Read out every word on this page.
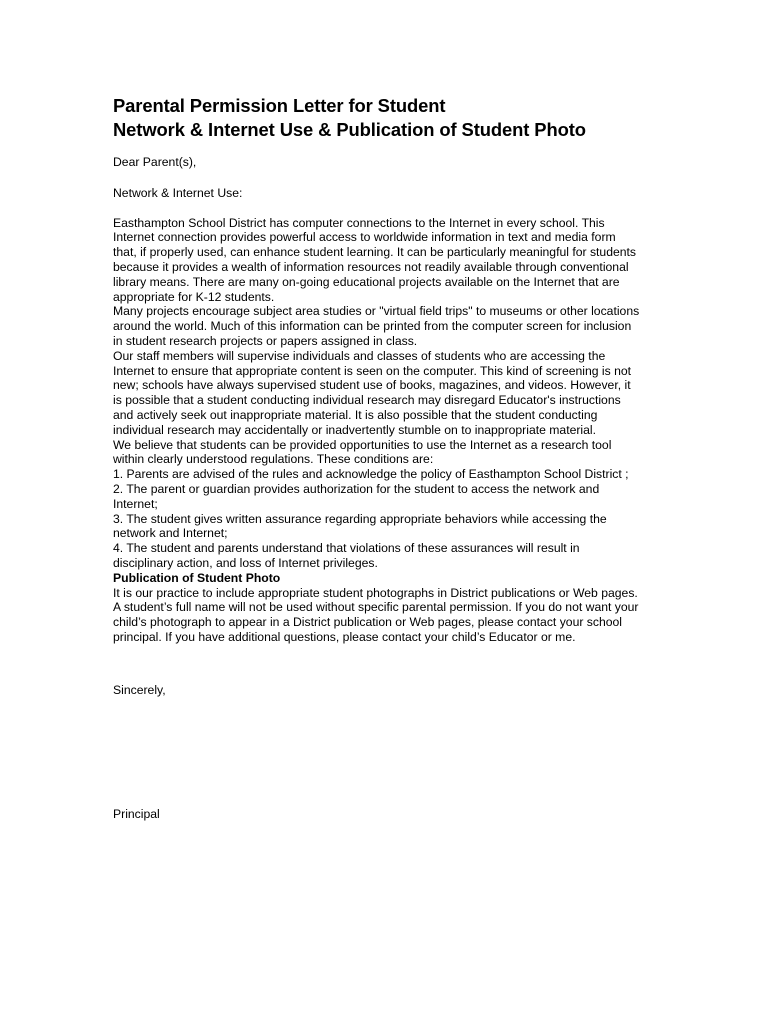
Parental Permission Letter for Student
Network & Internet Use & Publication of Student Photo

Dear Parent(s),

Network & Internet Use:

Easthampton School District has computer connections to the Internet in every school. This
Internet connection provides powerful access to worldwide information in text and media form
that, if properly used, can enhance student learning. It can be particularly meaningful for students
because it provides a wealth of information resources not readily available through conventional
library means. There are many on-going educational projects available on the Internet that are
appropriate for K-12 students.
Many projects encourage subject area studies or "virtual field trips" to museums or other locations
around the world. Much of this information can be printed from the computer screen for inclusion
in student research projects or papers assigned in class.
Our staff members will supervise individuals and classes of students who are accessing the
Internet to ensure that appropriate content is seen on the computer. This kind of screening is not
new; schools have always supervised student use of books, magazines, and videos. However, it
is possible that a student conducting individual research may disregard Educator's instructions
and actively seek out inappropriate material. It is also possible that the student conducting
individual research may accidentally or inadvertently stumble on to inappropriate material.
We believe that students can be provided opportunities to use the Internet as a research tool
within clearly understood regulations. These conditions are:
1. Parents are advised of the rules and acknowledge the policy of Easthampton School District ;
2. The parent or guardian provides authorization for the student to access the network and
Internet;
3. The student gives written assurance regarding appropriate behaviors while accessing the
network and Internet;
4. The student and parents understand that violations of these assurances will result in
disciplinary action, and loss of Internet privileges.
Publication of Student Photo
It is our practice to include appropriate student photographs in District publications or Web pages.
A student’s full name will not be used without specific parental permission. If you do not want your
child’s photograph to appear in a District publication or Web pages, please contact your school
principal. If you have additional questions, please contact your child’s Educator or me.

Sincerely,

Principal
